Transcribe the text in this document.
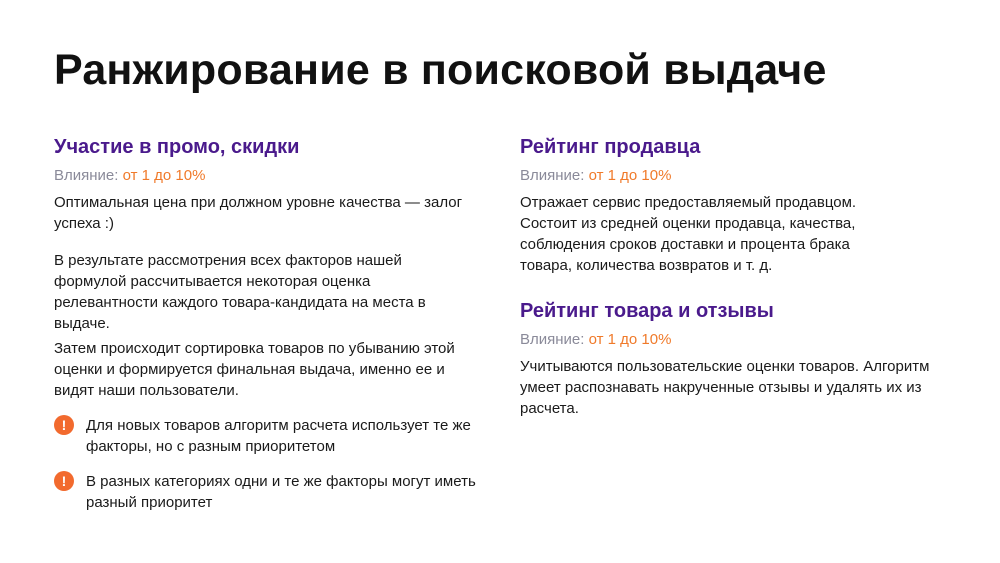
Ранжирование в поисковой выдаче
Участие в промо, скидки
Влияние: от 1 до 10%

Оптимальная цена при должном уровне качества — залог успеха :)

В результате рассмотрения всех факторов нашей формулой рассчитывается некоторая оценка релевантности каждого товара-кандидата на места в выдаче.

Затем происходит сортировка товаров по убыванию этой оценки и формируется финальная выдача, именно ее и видят наши пользователи.

!	Для новых товаров алгоритм расчета использует те же факторы, но с разным приоритетом
!	В разных категориях одни и те же факторы могут иметь разный приоритет
Рейтинг продавца
Влияние: от 1 до 10%

Отражает сервис предоставляемый продавцом. Состоит из средней оценки продавца, качества, соблюдения сроков доставки и процента брака товара, количества возвратов и т. д.

Рейтинг товара и отзывы
Влияние: от 1 до 10%

Учитываются пользовательские оценки товаров. Алгоритм умеет распознавать накрученные отзывы и удалять их из расчета.
